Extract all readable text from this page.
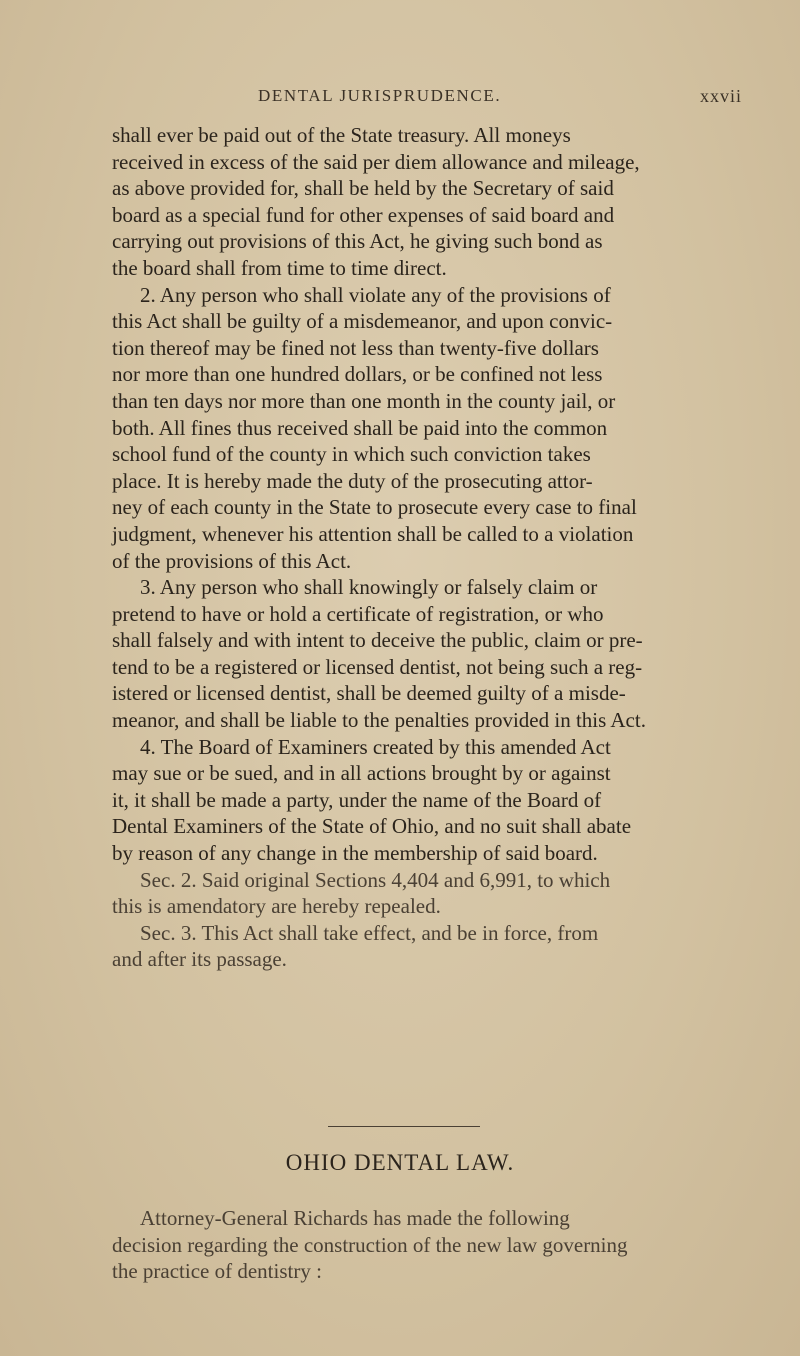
DENTAL JURISPRUDENCE.	xxvii
shall ever be paid out of the State treasury. All moneys
received in excess of the said per diem allowance and mileage,
as above provided for, shall be held by the Secretary of said
board as a special fund for other expenses of said board and
carrying out provisions of this Act, he giving such bond as
the board shall from time to time direct.
2. Any person who shall violate any of the provisions of
this Act shall be guilty of a misdemeanor, and upon convic-
tion thereof may be fined not less than twenty-five dollars
nor more than one hundred dollars, or be confined not less
than ten days nor more than one month in the county jail, or
both. All fines thus received shall be paid into the common
school fund of the county in which such conviction takes
place. It is hereby made the duty of the prosecuting attor-
ney of each county in the State to prosecute every case to final
judgment, whenever his attention shall be called to a violation
of the provisions of this Act.
3. Any person who shall knowingly or falsely claim or
pretend to have or hold a certificate of registration, or who
shall falsely and with intent to deceive the public, claim or pre-
tend to be a registered or licensed dentist, not being such a reg-
istered or licensed dentist, shall be deemed guilty of a misde-
meanor, and shall be liable to the penalties provided in this Act.
4. The Board of Examiners created by this amended Act
may sue or be sued, and in all actions brought by or against
it, it shall be made a party, under the name of the Board of
Dental Examiners of the State of Ohio, and no suit shall abate
by reason of any change in the membership of said board.
Sec. 2. Said original Sections 4,404 and 6,991, to which
this is amendatory are hereby repealed.
Sec. 3. This Act shall take effect, and be in force, from
and after its passage.
OHIO DENTAL LAW.
Attorney-General Richards has made the following
decision regarding the construction of the new law governing
the practice of dentistry :
